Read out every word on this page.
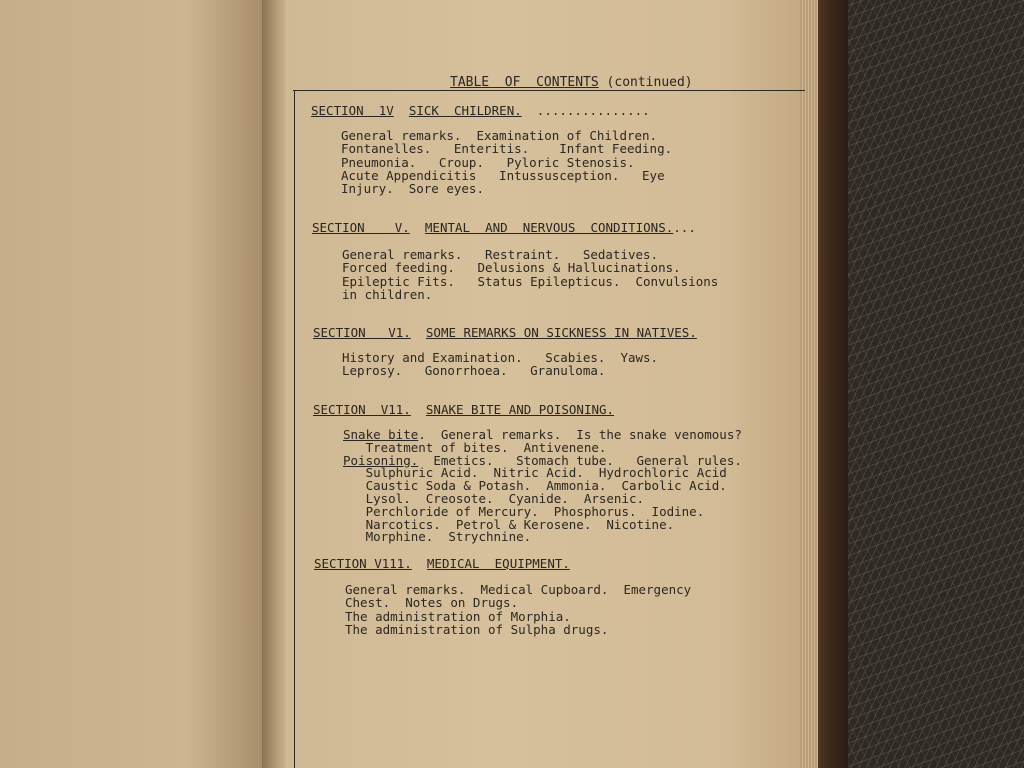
TABLE  OF  CONTENTS (continued)
SECTION  1V SICK  CHILDREN.  ...............
General remarks.  Examination of Children.
Fontanelles.   Enteritis.    Infant Feeding.
Pneumonia.   Croup.   Pyloric Stenosis.
Acute Appendicitis   Intussusception.   Eye
Injury.  Sore eyes.
SECTION    V. MENTAL  AND  NERVOUS  CONDITIONS....
General remarks.   Restraint.   Sedatives.
Forced feeding.   Delusions & Hallucinations.
Epileptic Fits.   Status Epilepticus.  Convulsions
in children.
SECTION   V1. SOME REMARKS ON SICKNESS IN NATIVES.
History and Examination.   Scabies.  Yaws.
Leprosy.   Gonorrhoea.   Granuloma.
SECTION  V11. SNAKE BITE AND POISONING.
Snake bite.  General remarks.  Is the snake venomous?
Treatment of bites.  Antivenene.
Poisoning.  Emetics.   Stomach tube.   General rules.
Sulphuric Acid.  Nitric Acid.  Hydrochloric Acid
Caustic Soda & Potash.  Ammonia.  Carbolic Acid.
Lysol.  Creosote.  Cyanide.  Arsenic.
Perchloride of Mercury.  Phosphorus.  Iodine.
Narcotics.  Petrol & Kerosene.  Nicotine.
Morphine.  Strychnine.
SECTION V111. MEDICAL  EQUIPMENT.
General remarks.  Medical Cupboard.  Emergency
Chest.  Notes on Drugs.
The administration of Morphia.
The administration of Sulpha drugs.
